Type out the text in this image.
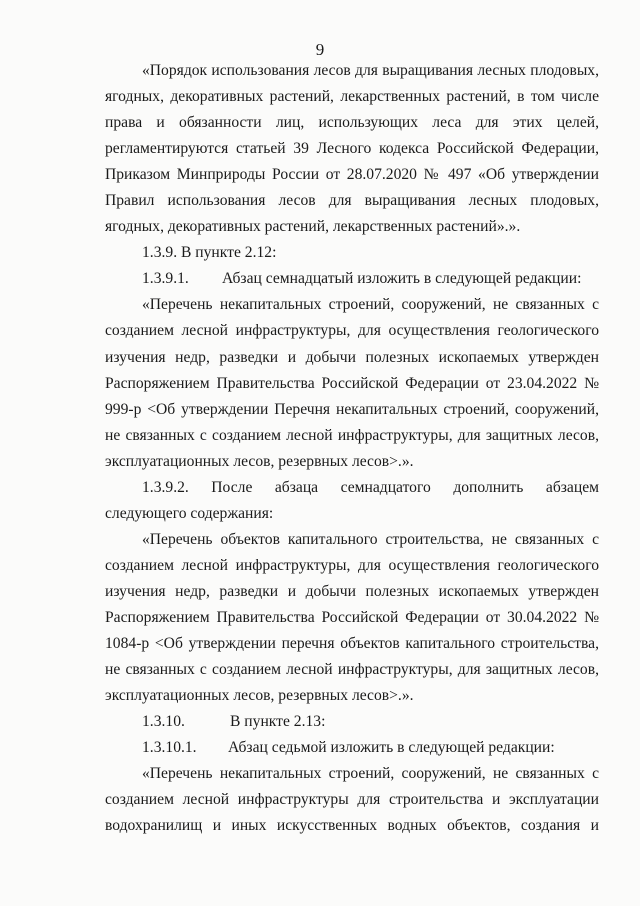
9

«Порядок использования лесов для выращивания лесных плодовых, ягодных, декоративных растений, лекарственных растений, в том числе права и обязанности лиц, использующих леса для этих целей, регламентируются статьей 39 Лесного кодекса Российской Федерации, Приказом Минприроды России от 28.07.2020 № 497 «Об утверждении Правил использования лесов для выращивания лесных плодовых, ягодных, декоративных растений, лекарственных растений».».

1.3.9. В пункте 2.12:
1.3.9.1.	Абзац семнадцатый изложить в следующей редакции:

«Перечень некапитальных строений, сооружений, не связанных с созданием лесной инфраструктуры, для осуществления геологического изучения недр, разведки и добычи полезных ископаемых утвержден Распоряжением Правительства Российской Федерации от 23.04.2022 № 999-р <Об утверждении Перечня некапитальных строений, сооружений, не связанных с созданием лесной инфраструктуры, для защитных лесов, эксплуатационных лесов, резервных лесов>.».

1.3.9.2. После абзаца семнадцатого дополнить абзацем

следующего содержания:

«Перечень объектов капитального строительства, не связанных с созданием лесной инфраструктуры, для осуществления геологического изучения недр, разведки и добычи полезных ископаемых утвержден Распоряжением Правительства Российской Федерации от 30.04.2022 № 1084-р <Об утверждении перечня объектов капитального строительства, не связанных с созданием лесной инфраструктуры, для защитных лесов, эксплуатационных лесов, резервных лесов>.».

1.3.10.	В пункте 2.13:
1.3.10.1.	Абзац седьмой изложить в следующей редакции:

«Перечень некапитальных строений, сооружений, не связанных с созданием лесной инфраструктуры для строительства и эксплуатации водохранилищ и иных искусственных водных объектов, создания и
